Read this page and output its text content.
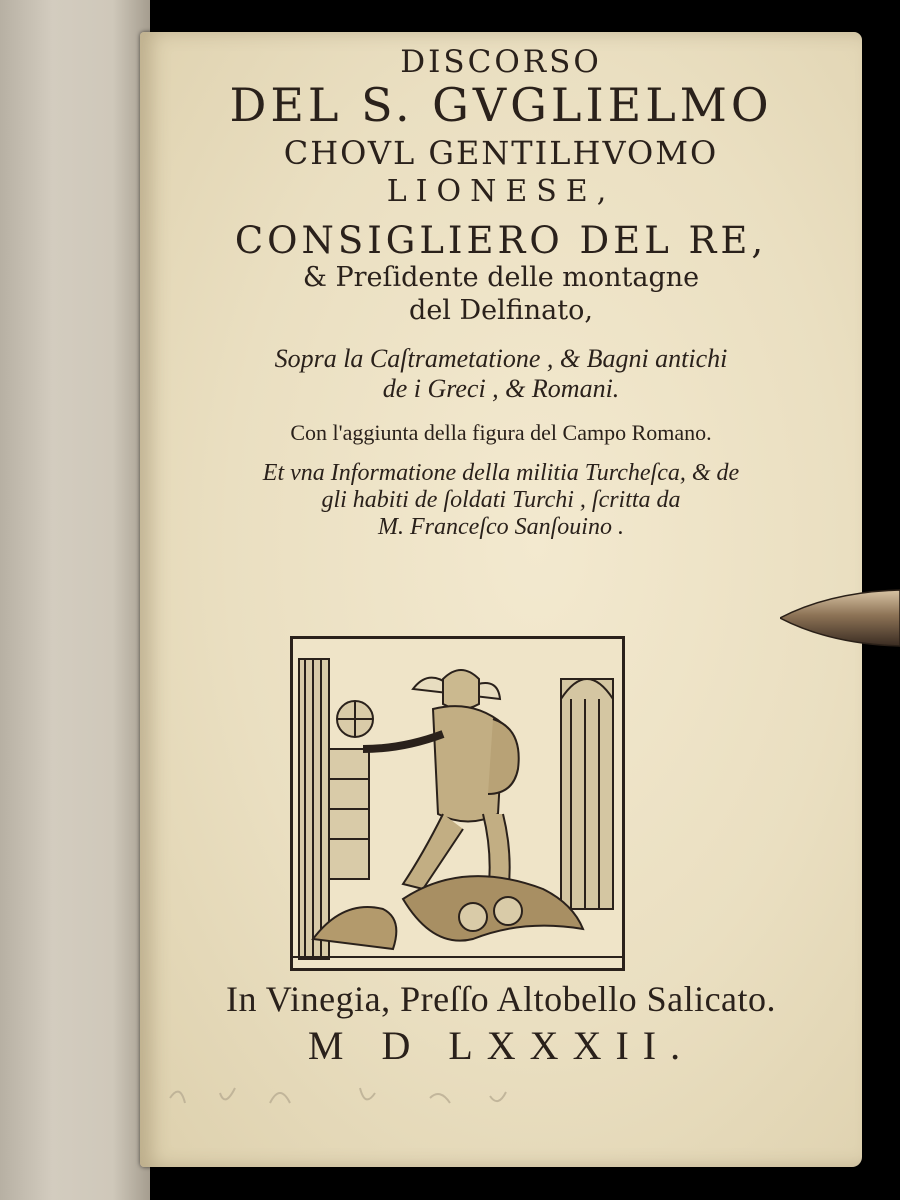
DISCORSO
DEL S. GVGLIELMO
CHOVL GENTILHVOMO
LIONESE,
CONSIGLIERO DEL RE,
& Preſidente delle montagne
del Delfinato,
Sopra la Caſtrametatione , & Bagni antichi
de i Greci , & Romani.
Con l'aggiunta della figura del Campo Romano.
Et vna Informatione della militia Turcheſca, & de
gli habiti de ſoldati Turchi , ſcritta da
M. Franceſco Sanſouino .
In Vinegia, Preſſo Altobello Salicato.
M D LXXXII.
